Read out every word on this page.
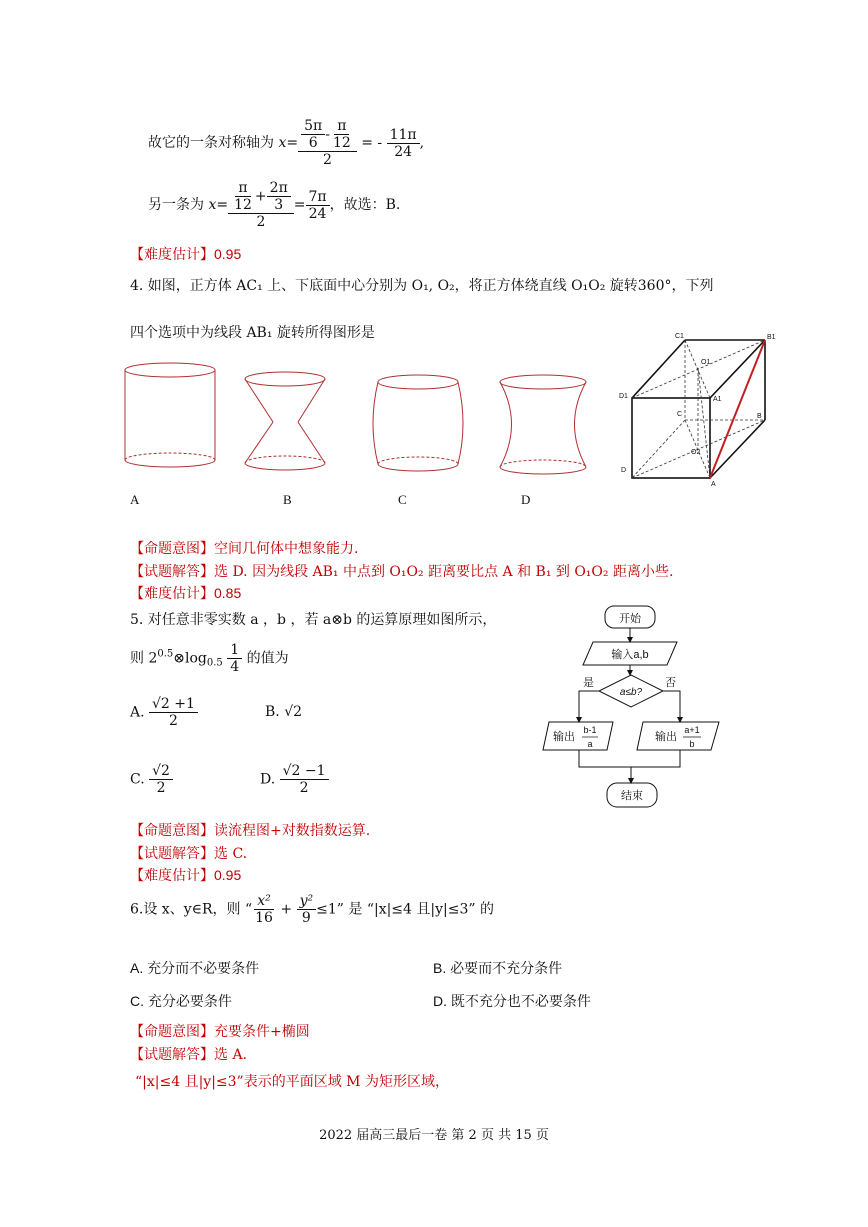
故它的一条对称轴为 $x= \frac{\frac{5\pi}{6} - \frac{\pi}{12}}{2}$ = - $\frac{11\pi}{24}$ ,
另一条为 $x= \frac{\frac{\pi}{12} + \frac{2\pi}{3}}{2} = \frac{7\pi}{24}$ ，故选：B.
【难度估计】0.95
4. 如图，正方体 AC₁ 上、下底面中心分别为 O₁, O₂，将正方体绕直线 O₁O₂ 旋转360°，下列
四个选项中为线段 AB₁ 旋转所得图形是
A	B	C	D
C1	B1
O1
D1	A1
C	B
O2
D
A
【命题意图】空间几何体中想象能力.
【试题解答】选 D. 因为线段 AB₁ 中点到 O₁O₂ 距离要比点 A 和 B₁ 到 O₁O₂ 距离小些.
【难度估计】0.85
5. 对任意非零实数 a ，b ，若 a⊗b 的运算原理如图所示，
则 $2^{0.5}\otimes\log_{0.5} \frac{1}{4}$ 的值为
A. $\frac{√2 +1}{2}$	B. √2
C. $\frac{√2}{2}$	D. $\frac{√2 -1}{2}$
开始
输入a,b
a≤b?
是	否
输出
b-1
a
输出
a+1
b
结束
【命题意图】读流程图+对数指数运算.
【试题解答】选 C.
【难度估计】0.95
6.设 x、y∈R，则 “ $\frac{\text{x²}}{16} + \frac{\text{y²}}{9} \le 1$” 是 “|x|≤4 且|y|≤3” 的
A. 充分而不必要条件	B. 必要而不充分条件
C. 充分必要条件	D. 既不充分也不必要条件
【命题意图】充要条件+椭圆
【试题解答】选 A.
“|x|≤4 且|y|≤3”表示的平面区域 M 为矩形区域，
2022 届高三最后一卷 第 2 页 共 15 页
